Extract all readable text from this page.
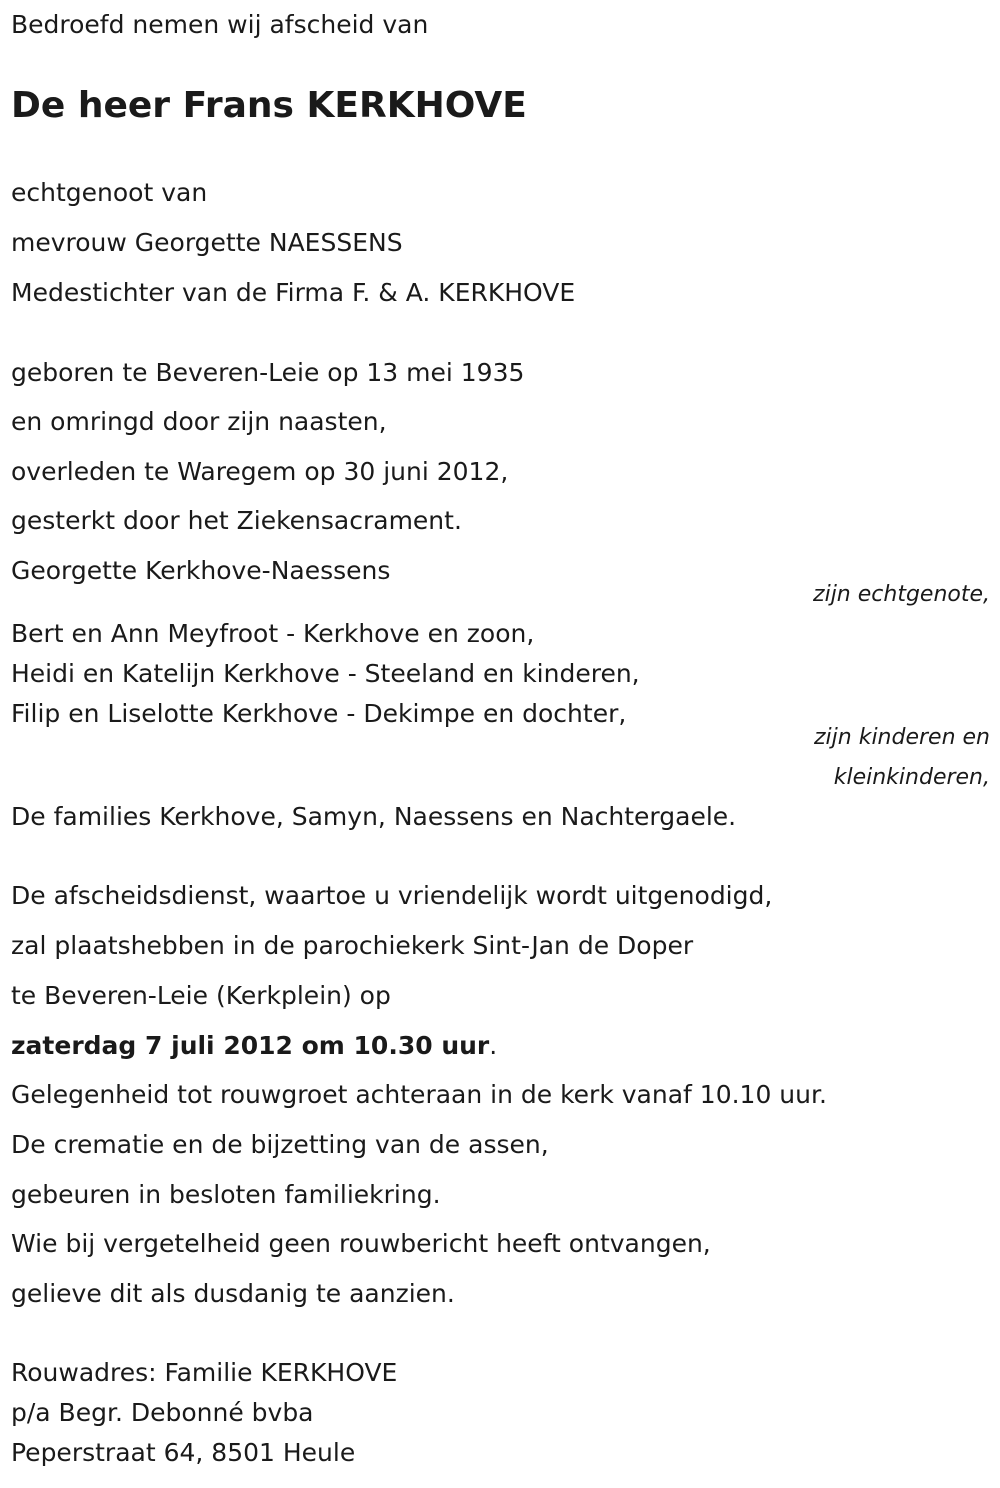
Bedroefd nemen wij afscheid van

De heer Frans KERKHOVE

echtgenoot van

mevrouw Georgette NAESSENS

Medestichter van de Firma F. & A. KERKHOVE

geboren te Beveren-Leie op 13 mei 1935

en omringd door zijn naasten,

overleden te Waregem op 30 juni 2012,

gesterkt door het Ziekensacrament.

Georgette Kerkhove-Naessens

zijn echtgenote,

Bert en Ann Meyfroot - Kerkhove en zoon,

Heidi en Katelijn Kerkhove - Steeland en kinderen,

Filip en Liselotte Kerkhove - Dekimpe en dochter,

zijn kinderen en
kleinkinderen,

De families Kerkhove, Samyn, Naessens en Nachtergaele.

De afscheidsdienst, waartoe u vriendelijk wordt uitgenodigd,

zal plaatshebben in de parochiekerk Sint-Jan de Doper

te Beveren-Leie (Kerkplein) op

zaterdag 7 juli 2012 om 10.30 uur.

Gelegenheid tot rouwgroet achteraan in de kerk vanaf 10.10 uur.

De crematie en de bijzetting van de assen,

gebeuren in besloten familiekring.

Wie bij vergetelheid geen rouwbericht heeft ontvangen,

gelieve dit als dusdanig te aanzien.

Rouwadres: Familie KERKHOVE

p/a Begr. Debonné bvba

Peperstraat 64, 8501 Heule
